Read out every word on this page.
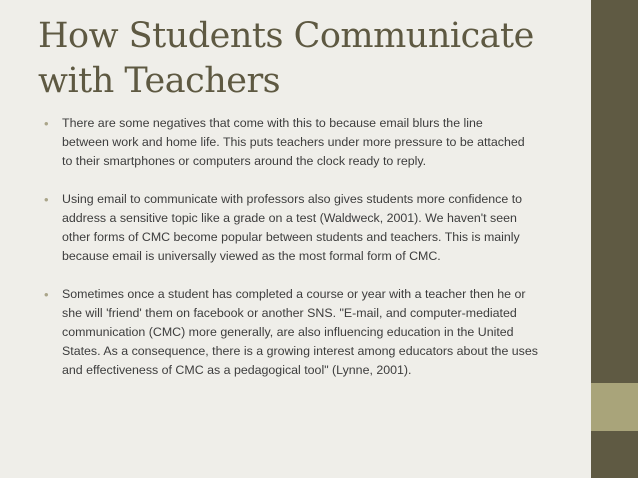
How Students Communicate
with Teachers
• There are some negatives that come with this to because email blurs the line
between work and home life. This puts teachers under more pressure to be attached
to their smartphones or computers around the clock ready to reply.
• Using email to communicate with professors also gives students more confidence to
address a sensitive topic like a grade on a test (Waldweck, 2001). We haven't seen
other forms of CMC become popular between students and teachers. This is mainly
because email is universally viewed as the most formal form of CMC.
• Sometimes once a student has completed a course or year with a teacher then he or
she will 'friend' them on facebook or another SNS. "E-mail, and computer-mediated
communication (CMC) more generally, are also influencing education in the United
States. As a consequence, there is a growing interest among educators about the uses
and effectiveness of CMC as a pedagogical tool" (Lynne, 2001).
